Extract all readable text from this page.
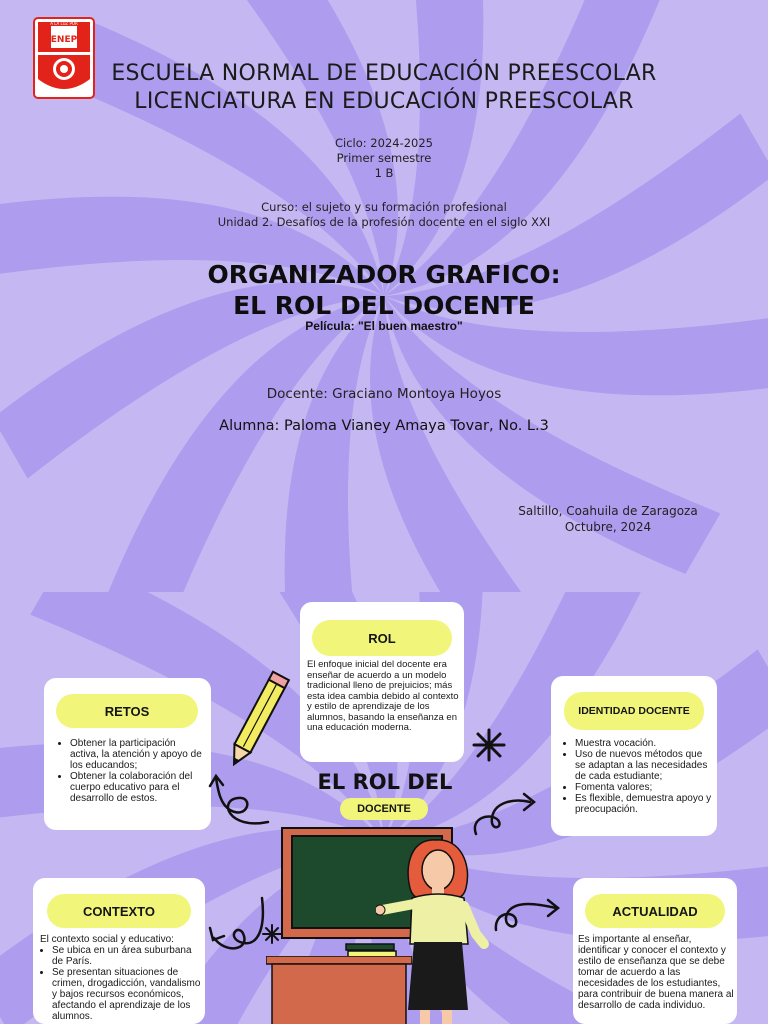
ENEP
A LA LUZ POR
ESCUELA NORMAL DE EDUCACIÓN PREESCOLAR
LICENCIATURA EN EDUCACIÓN PREESCOLAR
Ciclo: 2024-2025
Primer semestre
1 B
Curso: el sujeto y su formación profesional
Unidad 2. Desafíos de la profesión docente en el siglo XXI
ORGANIZADOR GRAFICO:
EL ROL DEL DOCENTE
Película: "El buen maestro"
Docente: Graciano Montoya Hoyos
Alumna: Paloma Vianey Amaya Tovar, No. L.3
Saltillo, Coahuila de Zaragoza
Octubre, 2024
ROL
El enfoque inicial del docente era enseñar de acuerdo a un modelo tradicional lleno de prejuicios; más esta idea cambia debido al contexto y estilo de aprendizaje de los alumnos, basando la enseñanza en una educación moderna.
RETOS
• Obtener la participación activa, la atención y apoyo de los educandos;
• Obtener la colaboración del cuerpo educativo para el desarrollo de estos.
IDENTIDAD DOCENTE
• Muestra vocación.
• Uso de nuevos métodos que se adaptan a las necesidades de cada estudiante;
• Fomenta valores;
• Es flexible, demuestra apoyo y preocupación.
CONTEXTO
El contexto social y educativo:
• Se ubica en un área suburbana de París.
• Se presentan situaciones de crimen, drogadicción, vandalismo y bajos recursos económicos, afectando el aprendizaje de los alumnos.
ACTUALIDAD
Es importante al enseñar, identificar y conocer el contexto y estilo de enseñanza que se debe tomar de acuerdo a las necesidades de los estudiantes, para contribuir de buena manera al desarrollo de cada individuo.
EL ROL DEL
DOCENTE
